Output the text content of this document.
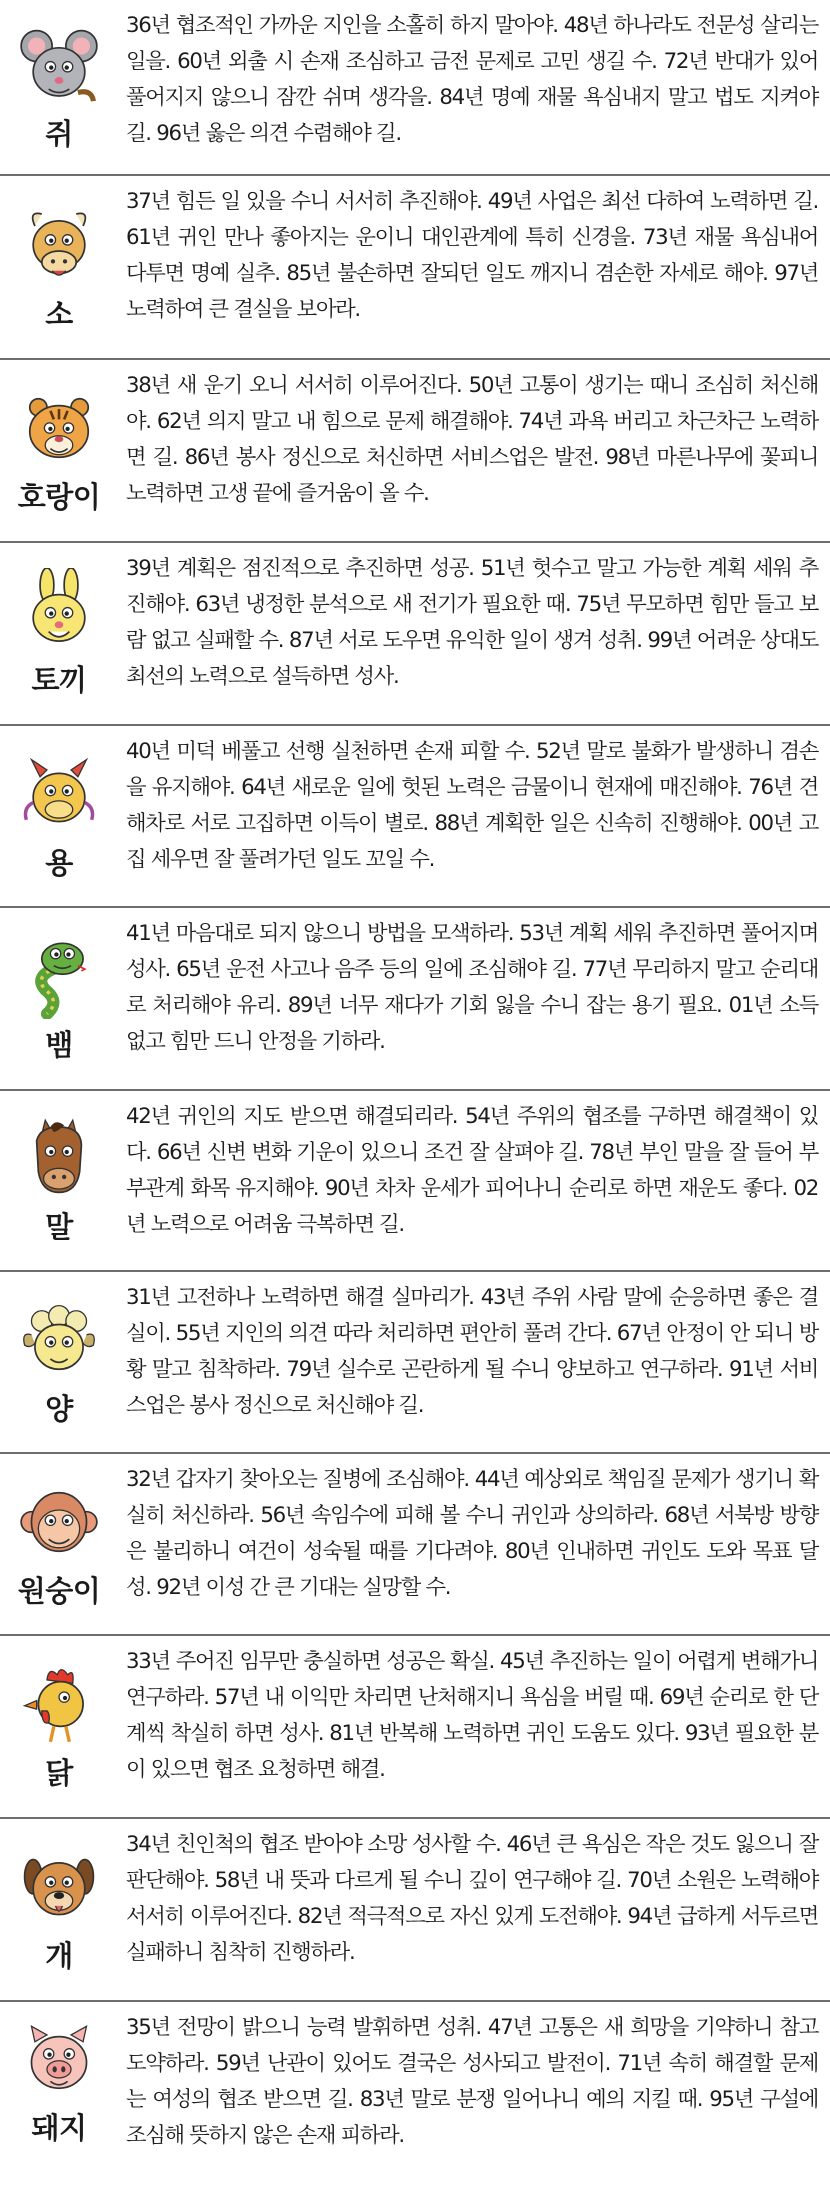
쥐
36년 협조적인 가까운 지인을 소홀히 하지 말아야. 48년 하나라도 전문성 살리는 일을. 60년 외출 시 손재 조심하고 금전 문제로 고민 생길 수. 72년 반대가 있어 풀어지지 않으니 잠깐 쉬며 생각을. 84년 명예 재물 욕심내지 말고 법도 지켜야 길. 96년 옳은 의견 수렴해야 길.
소
37년 힘든 일 있을 수니 서서히 추진해야. 49년 사업은 최선 다하여 노력하면 길. 61년 귀인 만나 좋아지는 운이니 대인관계에 특히 신경을. 73년 재물 욕심내어 다투면 명예 실추. 85년 불손하면 잘되던 일도 깨지니 겸손한 자세로 해야. 97년 노력하여 큰 결실을 보아라.
호랑이
38년 새 운기 오니 서서히 이루어진다. 50년 고통이 생기는 때니 조심히 처신해야. 62년 의지 말고 내 힘으로 문제 해결해야. 74년 과욕 버리고 차근차근 노력하면 길. 86년 봉사 정신으로 처신하면 서비스업은 발전. 98년 마른나무에 꽃피니 노력하면 고생 끝에 즐거움이 올 수.
토끼
39년 계획은 점진적으로 추진하면 성공. 51년 헛수고 말고 가능한 계획 세워 추진해야. 63년 냉정한 분석으로 새 전기가 필요한 때. 75년 무모하면 힘만 들고 보람 없고 실패할 수. 87년 서로 도우면 유익한 일이 생겨 성취. 99년 어려운 상대도 최선의 노력으로 설득하면 성사.
용
40년 미덕 베풀고 선행 실천하면 손재 피할 수. 52년 말로 불화가 발생하니 겸손을 유지해야. 64년 새로운 일에 헛된 노력은 금물이니 현재에 매진해야. 76년 견해차로 서로 고집하면 이득이 별로. 88년 계획한 일은 신속히 진행해야. 00년 고집 세우면 잘 풀려가던 일도 꼬일 수.
뱀
41년 마음대로 되지 않으니 방법을 모색하라. 53년 계획 세워 추진하면 풀어지며 성사. 65년 운전 사고나 음주 등의 일에 조심해야 길. 77년 무리하지 말고 순리대로 처리해야 유리. 89년 너무 재다가 기회 잃을 수니 잡는 용기 필요. 01년 소득 없고 힘만 드니 안정을 기하라.
말
42년 귀인의 지도 받으면 해결되리라. 54년 주위의 협조를 구하면 해결책이 있다. 66년 신변 변화 기운이 있으니 조건 잘 살펴야 길. 78년 부인 말을 잘 들어 부부관계 화목 유지해야. 90년 차차 운세가 피어나니 순리로 하면 재운도 좋다. 02년 노력으로 어려움 극복하면 길.
양
31년 고전하나 노력하면 해결 실마리가. 43년 주위 사람 말에 순응하면 좋은 결실이. 55년 지인의 의견 따라 처리하면 편안히 풀려 간다. 67년 안정이 안 되니 방황 말고 침착하라. 79년 실수로 곤란하게 될 수니 양보하고 연구하라. 91년 서비스업은 봉사 정신으로 처신해야 길.
원숭이
32년 갑자기 찾아오는 질병에 조심해야. 44년 예상외로 책임질 문제가 생기니 확실히 처신하라. 56년 속임수에 피해 볼 수니 귀인과 상의하라. 68년 서북방 방향은 불리하니 여건이 성숙될 때를 기다려야. 80년 인내하면 귀인도 도와 목표 달성. 92년 이성 간 큰 기대는 실망할 수.
닭
33년 주어진 임무만 충실하면 성공은 확실. 45년 추진하는 일이 어렵게 변해가니 연구하라. 57년 내 이익만 차리면 난처해지니 욕심을 버릴 때. 69년 순리로 한 단계씩 착실히 하면 성사. 81년 반복해 노력하면 귀인 도움도 있다. 93년 필요한 분이 있으면 협조 요청하면 해결.
개
34년 친인척의 협조 받아야 소망 성사할 수. 46년 큰 욕심은 작은 것도 잃으니 잘 판단해야. 58년 내 뜻과 다르게 될 수니 깊이 연구해야 길. 70년 소원은 노력해야 서서히 이루어진다. 82년 적극적으로 자신 있게 도전해야. 94년 급하게 서두르면 실패하니 침착히 진행하라.
돼지
35년 전망이 밝으니 능력 발휘하면 성취. 47년 고통은 새 희망을 기약하니 참고 도약하라. 59년 난관이 있어도 결국은 성사되고 발전이. 71년 속히 해결할 문제는 여성의 협조 받으면 길. 83년 말로 분쟁 일어나니 예의 지킬 때. 95년 구설에 조심해 뜻하지 않은 손재 피하라.
